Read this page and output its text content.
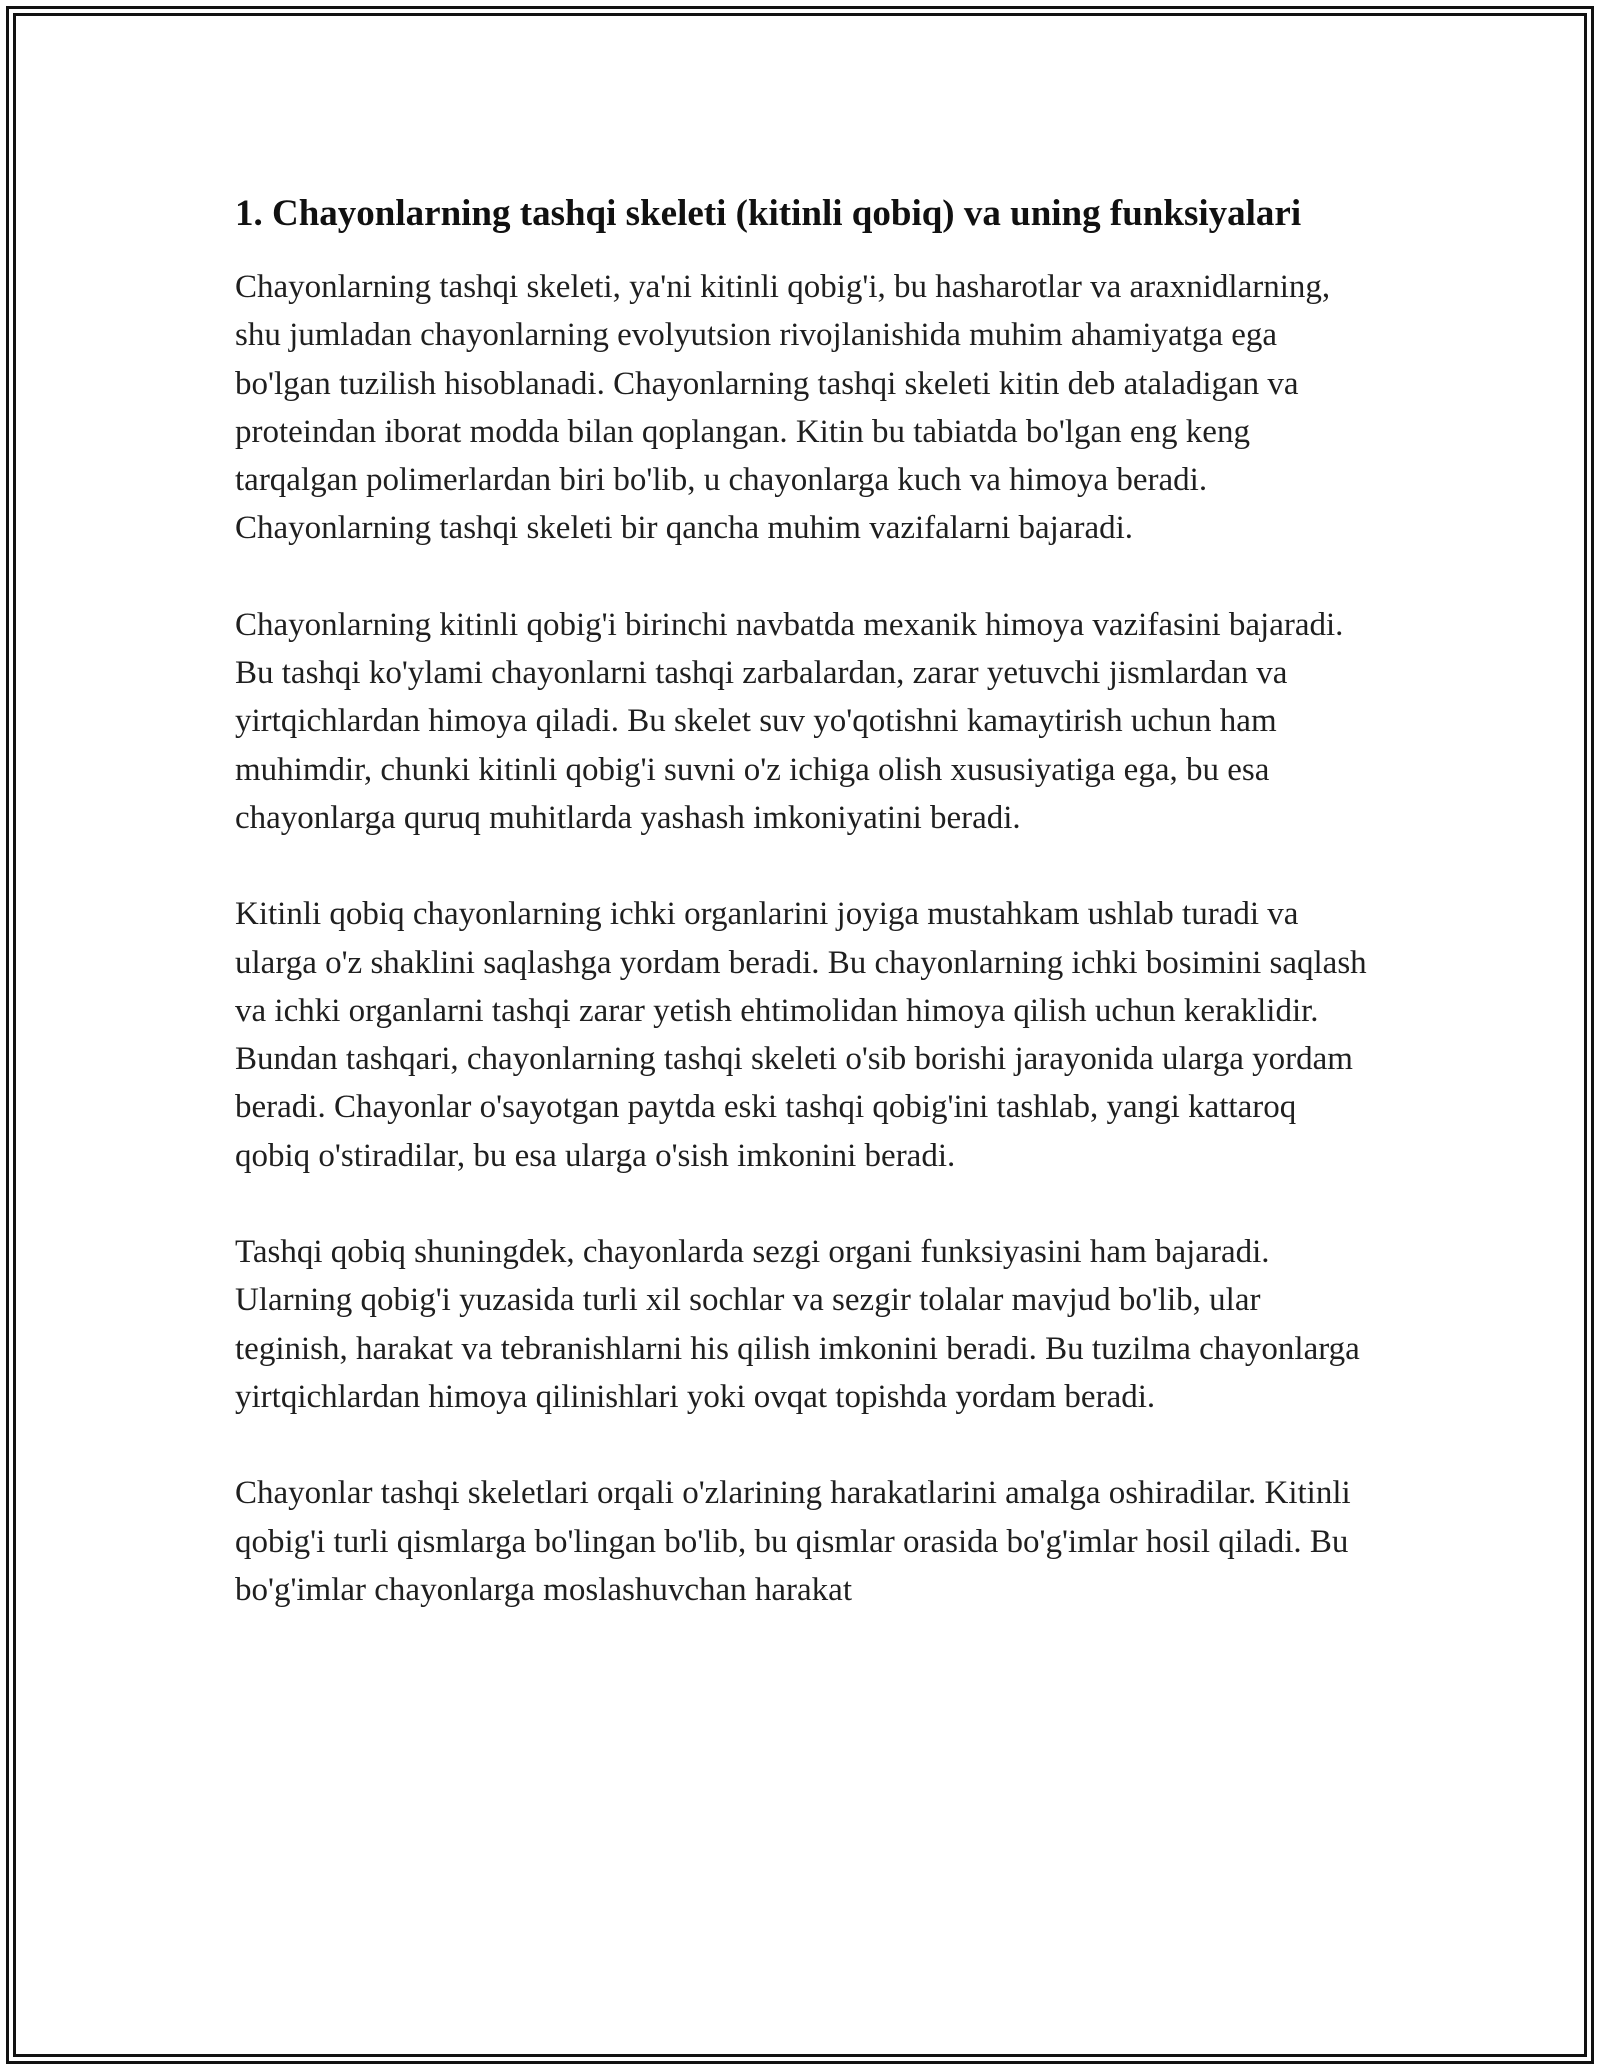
1. Chayonlarning tashqi skeleti (kitinli qobiq) va uning funksiyalari

Chayonlarning tashqi skeleti, ya'ni kitinli qobig'i, bu hasharotlar va araxnidlarning, shu jumladan chayonlarning evolyutsion rivojlanishida muhim ahamiyatga ega bo'lgan tuzilish hisoblanadi. Chayonlarning tashqi skeleti kitin deb ataladigan va proteindan iborat modda bilan qoplangan. Kitin bu tabiatda bo'lgan eng keng tarqalgan polimerlardan biri bo'lib, u chayonlarga kuch va himoya beradi. Chayonlarning tashqi skeleti bir qancha muhim vazifalarni bajaradi.

Chayonlarning kitinli qobig'i birinchi navbatda mexanik himoya vazifasini bajaradi. Bu tashqi ko'ylami chayonlarni tashqi zarbalardan, zarar yetuvchi jismlardan va yirtqichlardan himoya qiladi. Bu skelet suv yo'qotishni kamaytirish uchun ham muhimdir, chunki kitinli qobig'i suvni o'z ichiga olish xususiyatiga ega, bu esa chayonlarga quruq muhitlarda yashash imkoniyatini beradi.

Kitinli qobiq chayonlarning ichki organlarini joyiga mustahkam ushlab turadi va ularga o'z shaklini saqlashga yordam beradi. Bu chayonlarning ichki bosimini saqlash va ichki organlarni tashqi zarar yetish ehtimolidan himoya qilish uchun keraklidir. Bundan tashqari, chayonlarning tashqi skeleti o'sib borishi jarayonida ularga yordam beradi. Chayonlar o'sayotgan paytda eski tashqi qobig'ini tashlab, yangi kattaroq qobiq o'stiradilar, bu esa ularga o'sish imkonini beradi.

Tashqi qobiq shuningdek, chayonlarda sezgi organi funksiyasini ham bajaradi. Ularning qobig'i yuzasida turli xil sochlar va sezgir tolalar mavjud bo'lib, ular teginish, harakat va tebranishlarni his qilish imkonini beradi. Bu tuzilma chayonlarga yirtqichlardan himoya qilinishlari yoki ovqat topishda yordam beradi.

Chayonlar tashqi skeletlari orqali o'zlarining harakatlarini amalga oshiradilar. Kitinli qobig'i turli qismlarga bo'lingan bo'lib, bu qismlar orasida bo'g'imlar hosil qiladi. Bu bo'g'imlar chayonlarga moslashuvchan harakat
